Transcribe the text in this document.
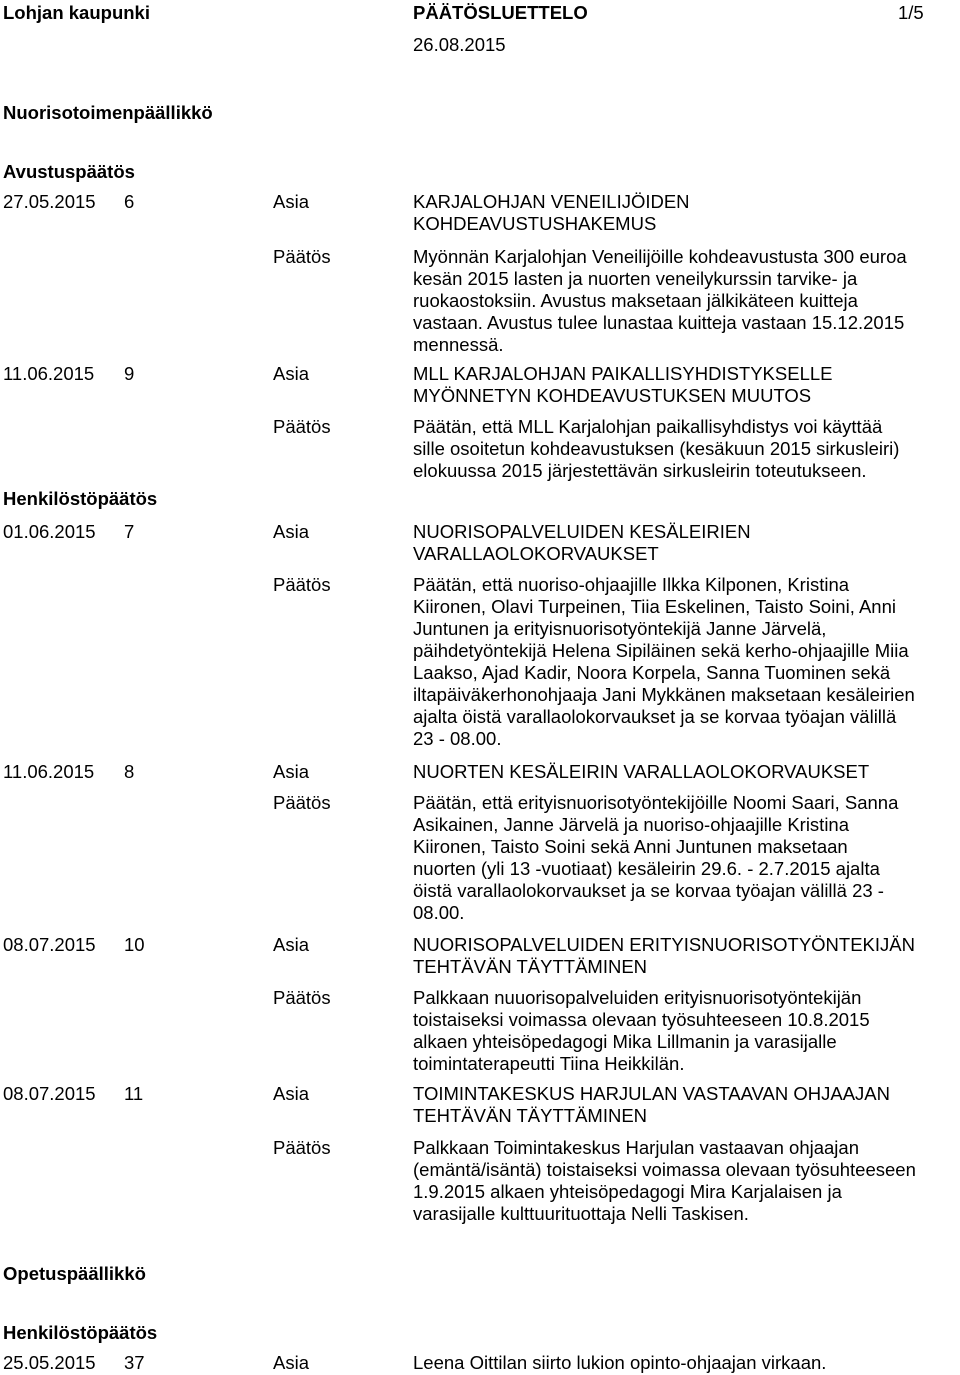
Lohjan kaupunki	PÄÄTÖSLUETTELO	1/5
26.08.2015
Nuorisotoimenpäällikkö
Avustuspäätös
27.05.2015 6	Asia	KARJALOHJAN VENEILIJÖIDEN
KOHDEAVUSTUSHAKEMUS
Päätös	Myönnän Karjalohjan Veneilijöille kohdeavustusta 300 euroa
kesän 2015 lasten ja nuorten veneilykurssin tarvike- ja
ruokaostoksiin. Avustus maksetaan jälkikäteen kuitteja
vastaan. Avustus tulee lunastaa kuitteja vastaan 15.12.2015
mennessä.
11.06.2015 9	Asia	MLL KARJALOHJAN PAIKALLISYHDISTYKSELLE
MYÖNNETYN KOHDEAVUSTUKSEN MUUTOS
Päätös	Päätän, että MLL Karjalohjan paikallisyhdistys voi käyttää
sille osoitetun kohdeavustuksen (kesäkuun 2015 sirkusleiri)
elokuussa 2015 järjestettävän sirkusleirin toteutukseen.
Henkilöstöpäätös
01.06.2015 7	Asia	NUORISOPALVELUIDEN KESÄLEIRIEN
VARALLAOLOKORVAUKSET
Päätös	Päätän, että nuoriso-ohjaajille Ilkka Kilponen, Kristina
Kiironen, Olavi Turpeinen, Tiia Eskelinen, Taisto Soini, Anni
Juntunen ja erityisnuorisotyöntekijä Janne Järvelä,
päihdetyöntekijä Helena Sipiläinen sekä kerho-ohjaajille Miia
Laakso, Ajad Kadir, Noora Korpela, Sanna Tuominen sekä
iltapäiväkerhonohjaaja Jani Mykkänen maksetaan kesäleirien
ajalta öistä varallaolokorvaukset ja se korvaa työajan välillä
23 - 08.00.
11.06.2015 8	Asia	NUORTEN KESÄLEIRIN VARALLAOLOKORVAUKSET
Päätös	Päätän, että erityisnuorisotyöntekijöille Noomi Saari, Sanna
Asikainen, Janne Järvelä ja nuoriso-ohjaajille Kristina
Kiironen, Taisto Soini sekä Anni Juntunen maksetaan
nuorten (yli 13 -vuotiaat) kesäleirin 29.6. - 2.7.2015 ajalta
öistä varallaolokorvaukset ja se korvaa työajan välillä 23 -
08.00.
08.07.2015 10	Asia	NUORISOPALVELUIDEN ERITYISNUORISOTYÖNTEKIJÄN
TEHTÄVÄN TÄYTTÄMINEN
Päätös	Palkkaan nuuorisopalveluiden erityisnuorisotyöntekijän
toistaiseksi voimassa olevaan työsuhteeseen 10.8.2015
alkaen yhteisöpedagogi Mika Lillmanin ja varasijalle
toimintaterapeutti Tiina Heikkilän.
08.07.2015 11	Asia	TOIMINTAKESKUS HARJULAN VASTAAVAN OHJAAJAN
TEHTÄVÄN TÄYTTÄMINEN
Päätös	Palkkaan Toimintakeskus Harjulan vastaavan ohjaajan
(emäntä/isäntä) toistaiseksi voimassa olevaan työsuhteeseen
1.9.2015 alkaen yhteisöpedagogi Mira Karjalaisen ja
varasijalle kulttuurituottaja Nelli Taskisen.
Opetuspäällikkö
Henkilöstöpäätös
25.05.2015 37	Asia	Leena Oittilan siirto lukion opinto-ohjaajan virkaan.
